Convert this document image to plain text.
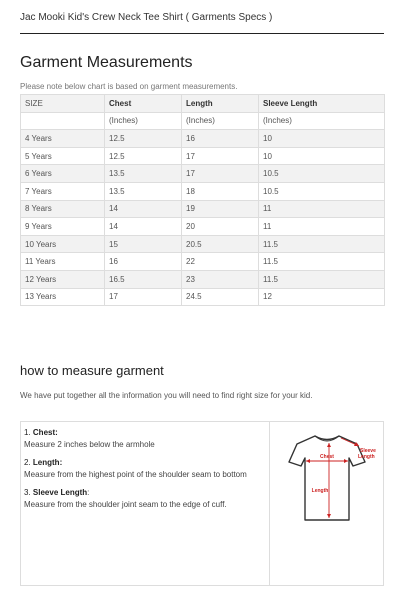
Jac Mooki Kid's Crew Neck Tee Shirt ( Garments Specs )
Garment Measurements
Please note below chart is based on garment measurements.
SIZE	Chest	Length	Sleeve Length
	(Inches)	(Inches)	(Inches)
4 Years	12.5	16	10
5 Years	12.5	17	10
6 Years	13.5	17	10.5
7 Years	13.5	18	10.5
8 Years	14	19	11
9 Years	14	20	11
10 Years	15	20.5	11.5
11 Years	16	22	11.5
12 Years	16.5	23	11.5
13 Years	17	24.5	12
how to measure garment
We have put together all the information you will need to find right size for your kid.
1. Chest:
Measure 2 inches below the armhole
2. Length:
Measure from the highest point of the shoulder seam to bottom
3. Sleeve Length:
Measure from the shoulder joint seam to the edge of cuff.
Chest
Length
Sleeve
Length
